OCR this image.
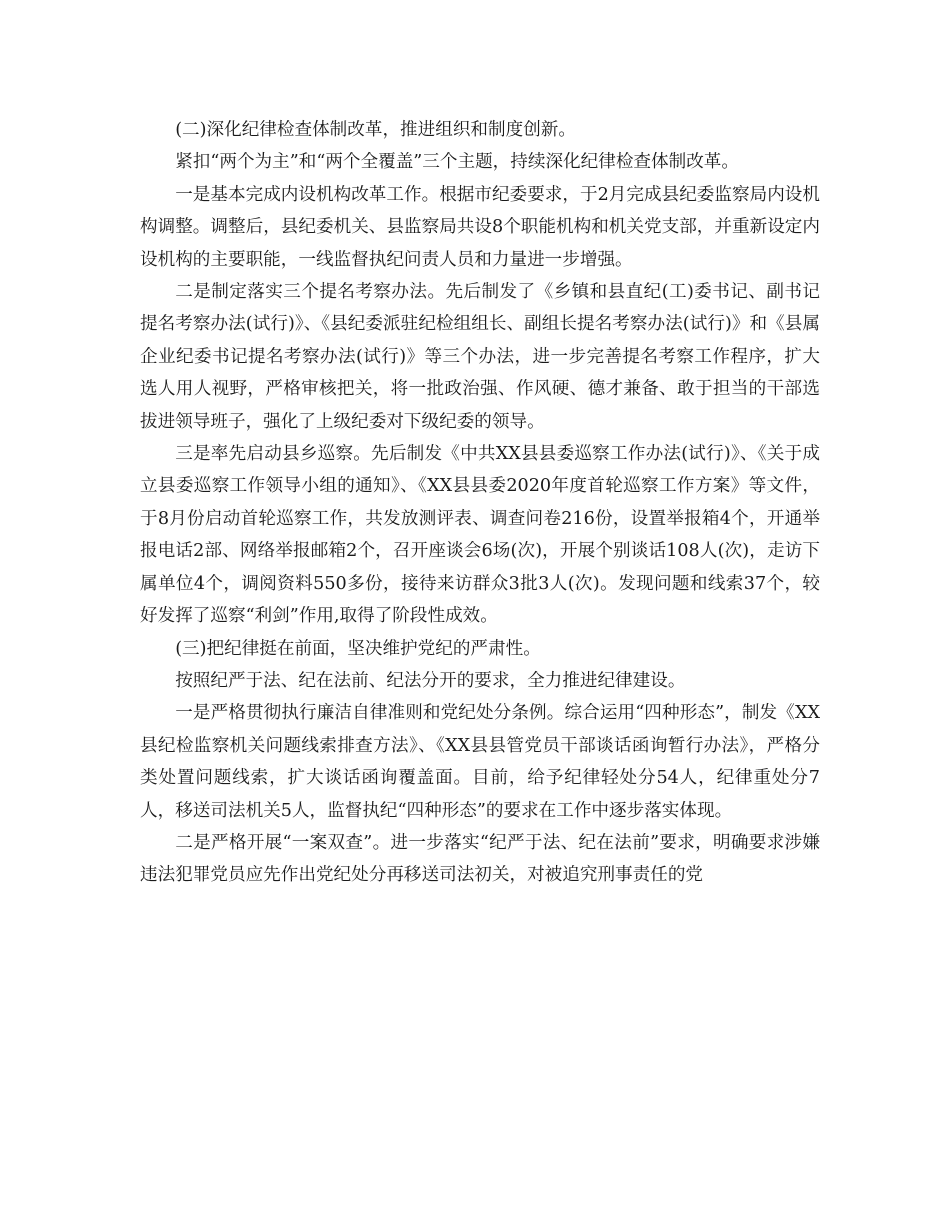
(二)深化纪律检查体制改革，推进组织和制度创新。

紧扣“两个为主”和“两个全覆盖”三个主题，持续深化纪律检查体制改革。

一是基本完成内设机构改革工作。根据市纪委要求，于2月完成县纪委监察局内设机构调整。调整后，县纪委机关、县监察局共设8个职能机构和机关党支部，并重新设定内设机构的主要职能，一线监督执纪问责人员和力量进一步增强。

二是制定落实三个提名考察办法。先后制发了《乡镇和县直纪(工)委书记、副书记提名考察办法(试行)》、《县纪委派驻纪检组组长、副组长提名考察办法(试行)》和《县属企业纪委书记提名考察办法(试行)》等三个办法，进一步完善提名考察工作程序，扩大选人用人视野，严格审核把关，将一批政治强、作风硬、德才兼备、敢于担当的干部选拔进领导班子，强化了上级纪委对下级纪委的领导。

三是率先启动县乡巡察。先后制发《中共XX县县委巡察工作办法(试行)》、《关于成立县委巡察工作领导小组的通知》、《XX县县委2020年度首轮巡察工作方案》等文件，于8月份启动首轮巡察工作，共发放测评表、调查问卷216份，设置举报箱4个，开通举报电话2部、网络举报邮箱2个，召开座谈会6场(次)，开展个别谈话108人(次)，走访下属单位4个，调阅资料550多份，接待来访群众3批3人(次)。发现问题和线索37个，较好发挥了巡察“利剑”作用,取得了阶段性成效。

(三)把纪律挺在前面，坚决维护党纪的严肃性。

按照纪严于法、纪在法前、纪法分开的要求，全力推进纪律建设。

一是严格贯彻执行廉洁自律准则和党纪处分条例。综合运用“四种形态”，制发《XX县纪检监察机关问题线索排查方法》、《XX县县管党员干部谈话函询暂行办法》，严格分类处置问题线索，扩大谈话函询覆盖面。目前，给予纪律轻处分54人，纪律重处分7人，移送司法机关5人，监督执纪“四种形态”的要求在工作中逐步落实体现。

二是严格开展“一案双查”。进一步落实“纪严于法、纪在法前”要求，明确要求涉嫌违法犯罪党员应先作出党纪处分再移送司法初关，对被追究刑事责任的党
